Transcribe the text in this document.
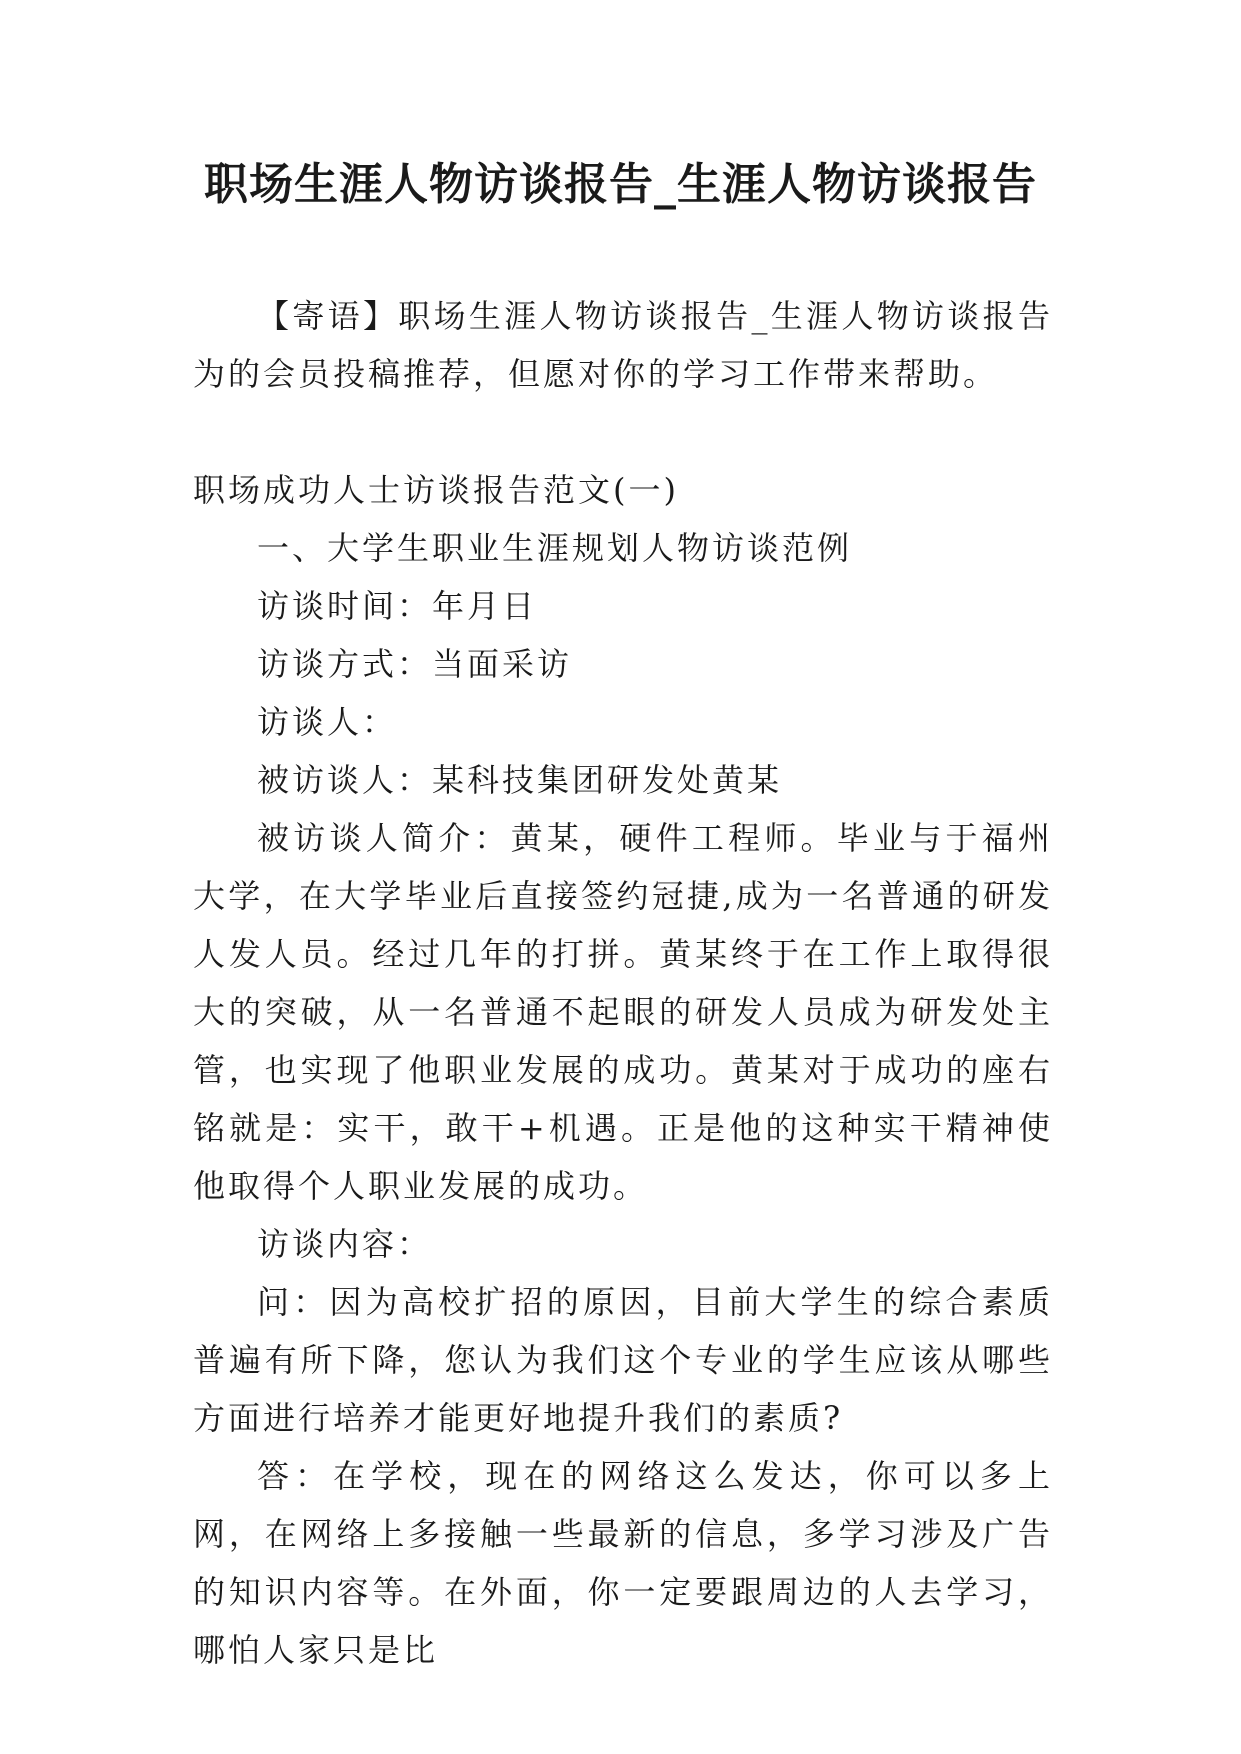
职场生涯人物访谈报告_生涯人物访谈报告

【寄语】职场生涯人物访谈报告_生涯人物访谈报告为的会员投稿推荐，但愿对你的学习工作带来帮助。

职场成功人士访谈报告范文(一)

一、大学生职业生涯规划人物访谈范例

访谈时间：年月日

访谈方式：当面采访

访谈人：

被访谈人：某科技集团研发处黄某

被访谈人简介：黄某，硬件工程师。毕业与于福州大学，在大学毕业后直接签约冠捷,成为一名普通的研发人发人员。经过几年的打拼。黄某终于在工作上取得很大的突破，从一名普通不起眼的研发人员成为研发处主管，也实现了他职业发展的成功。黄某对于成功的座右铭就是：实干，敢干+机遇。正是他的这种实干精神使他取得个人职业发展的成功。

访谈内容：

问：因为高校扩招的原因，目前大学生的综合素质普遍有所下降，您认为我们这个专业的学生应该从哪些方面进行培养才能更好地提升我们的素质?

答：在学校，现在的网络这么发达，你可以多上网，在网络上多接触一些最新的信息，多学习涉及广告的知识内容等。在外面，你一定要跟周边的人去学习，哪怕人家只是比
